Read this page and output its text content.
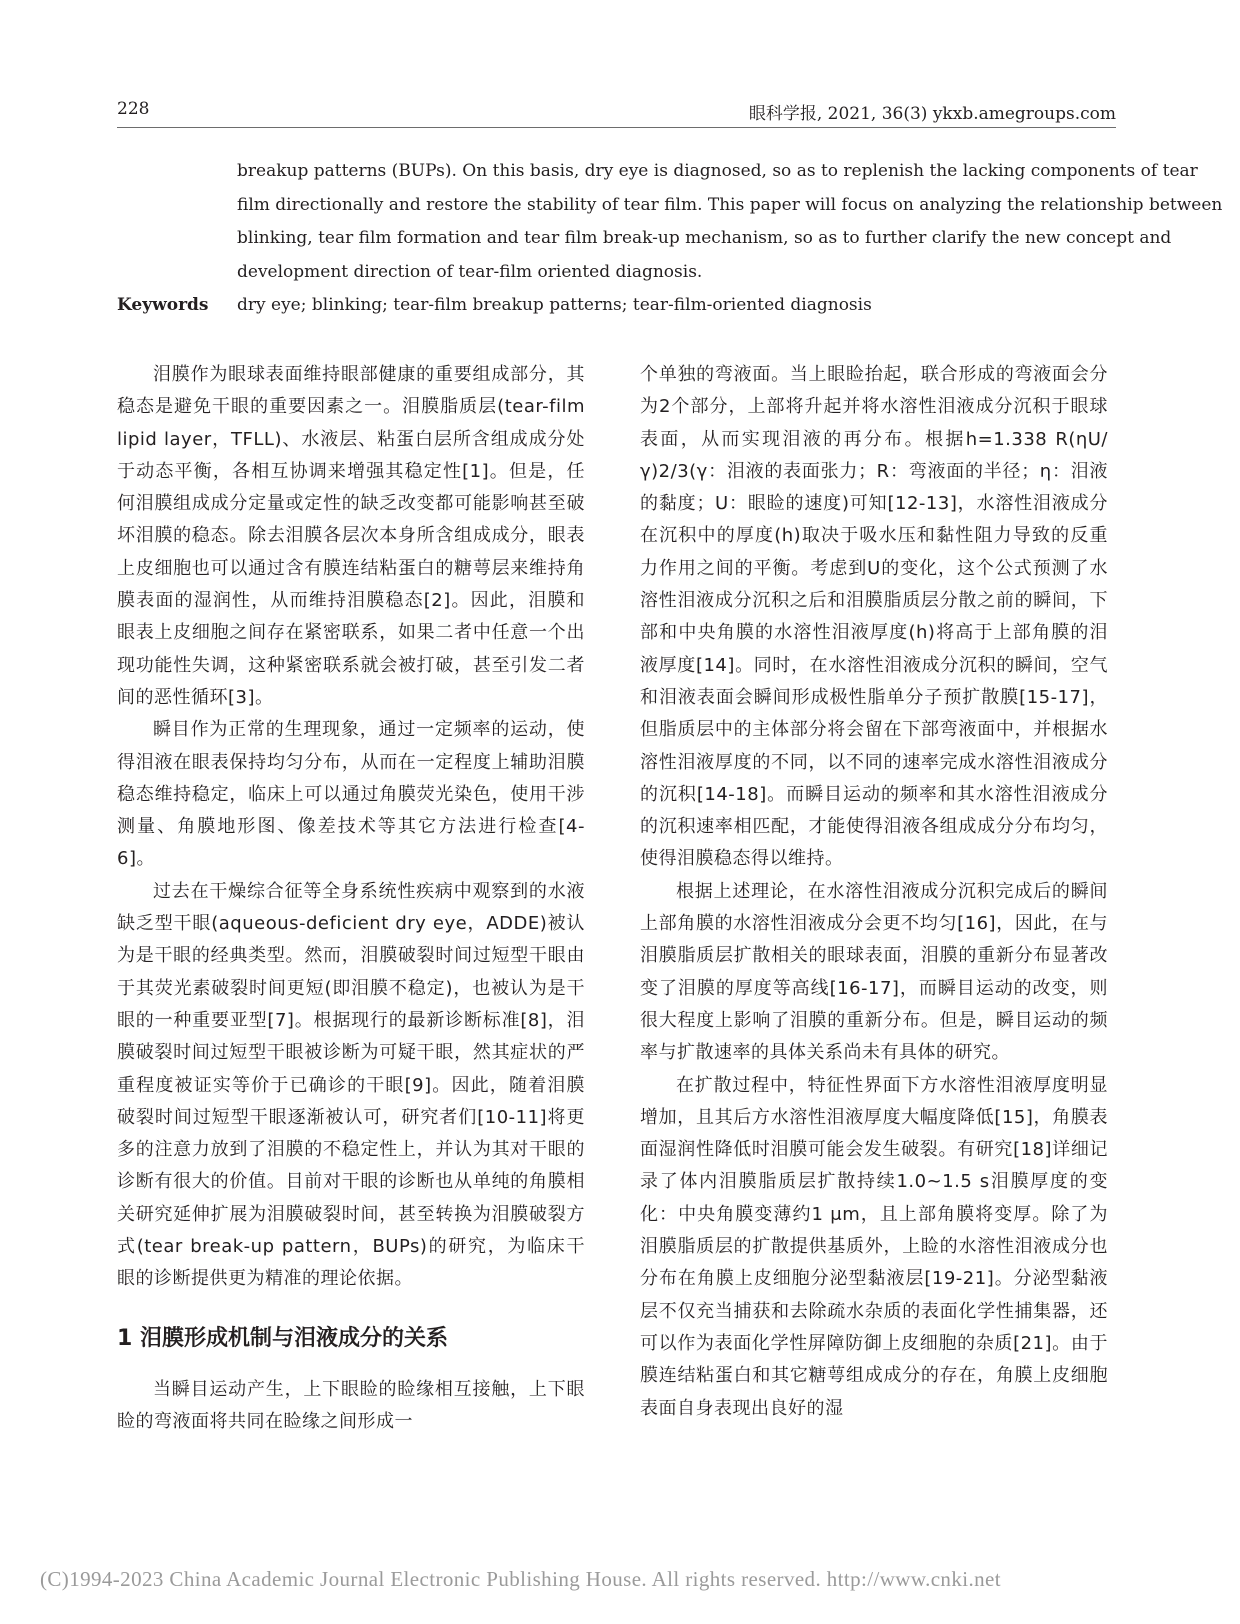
228	眼科学报, 2021, 36(3) ykxb.amegroups.com
breakup patterns (BUPs). On this basis, dry eye is diagnosed, so as to replenish the lacking components of tear
film directionally and restore the stability of tear film. This paper will focus on analyzing the relationship between
blinking, tear film formation and tear film break-up mechanism, so as to further clarify the new concept and
development direction of tear-film oriented diagnosis.
Keywords dry eye; blinking; tear-film breakup patterns; tear-film-oriented diagnosis

泪膜作为眼球表面维持眼部健康的重要组成部分，其稳态是避免干眼的重要因素之一。泪膜脂质层(tear-film lipid layer，TFLL)、水液层、粘蛋白层所含组成成分处于动态平衡，各相互协调来增强其稳定性[1]。但是，任何泪膜组成成分定量或定性的缺乏改变都可能影响甚至破坏泪膜的稳态。除去泪膜各层次本身所含组成成分，眼表上皮细胞也可以通过含有膜连结粘蛋白的糖萼层来维持角膜表面的湿润性，从而维持泪膜稳态[2]。因此，泪膜和眼表上皮细胞之间存在紧密联系，如果二者中任意一个出现功能性失调，这种紧密联系就会被打破，甚至引发二者间的恶性循环[3]。

瞬目作为正常的生理现象，通过一定频率的运动，使得泪液在眼表保持均匀分布，从而在一定程度上辅助泪膜稳态维持稳定，临床上可以通过角膜荧光染色，使用干涉测量、角膜地形图、像差技术等其它方法进行检查[4-6]。

过去在干燥综合征等全身系统性疾病中观察到的水液缺乏型干眼(aqueous-deficient dry eye，ADDE)被认为是干眼的经典类型。然而，泪膜破裂时间过短型干眼由于其荧光素破裂时间更短(即泪膜不稳定)，也被认为是干眼的一种重要亚型[7]。根据现行的最新诊断标准[8]，泪膜破裂时间过短型干眼被诊断为可疑干眼，然其症状的严重程度被证实等价于已确诊的干眼[9]。因此，随着泪膜破裂时间过短型干眼逐渐被认可，研究者们[10-11]将更多的注意力放到了泪膜的不稳定性上，并认为其对干眼的诊断有很大的价值。目前对干眼的诊断也从单纯的角膜相关研究延伸扩展为泪膜破裂时间，甚至转换为泪膜破裂方式(tear break-up pattern，BUPs)的研究，为临床干眼的诊断提供更为精准的理论依据。

1 泪膜形成机制与泪液成分的关系

当瞬目运动产生，上下眼睑的睑缘相互接触，上下眼睑的弯液面将共同在睑缘之间形成一

个单独的弯液面。当上眼睑抬起，联合形成的弯液面会分为2个部分，上部将升起并将水溶性泪液成分沉积于眼球表面，从而实现泪液的再分布。根据h=1.338 R(ηU/γ)2/3(γ：泪液的表面张力；R：弯液面的半径；η：泪液的黏度；U：眼睑的速度)可知[12-13]，水溶性泪液成分在沉积中的厚度(h)取决于吸水压和黏性阻力导致的反重力作用之间的平衡。考虑到U的变化，这个公式预测了水溶性泪液成分沉积之后和泪膜脂质层分散之前的瞬间，下部和中央角膜的水溶性泪液厚度(h)将高于上部角膜的泪液厚度[14]。同时，在水溶性泪液成分沉积的瞬间，空气和泪液表面会瞬间形成极性脂单分子预扩散膜[15-17]，但脂质层中的主体部分将会留在下部弯液面中，并根据水溶性泪液厚度的不同，以不同的速率完成水溶性泪液成分的沉积[14-18]。而瞬目运动的频率和其水溶性泪液成分的沉积速率相匹配，才能使得泪液各组成成分分布均匀，使得泪膜稳态得以维持。

根据上述理论，在水溶性泪液成分沉积完成后的瞬间上部角膜的水溶性泪液成分会更不均匀[16]，因此，在与泪膜脂质层扩散相关的眼球表面，泪膜的重新分布显著改变了泪膜的厚度等高线[16-17]，而瞬目运动的改变，则很大程度上影响了泪膜的重新分布。但是，瞬目运动的频率与扩散速率的具体关系尚未有具体的研究。

在扩散过程中，特征性界面下方水溶性泪液厚度明显增加，且其后方水溶性泪液厚度大幅度降低[15]，角膜表面湿润性降低时泪膜可能会发生破裂。有研究[18]详细记录了体内泪膜脂质层扩散持续1.0~1.5 s泪膜厚度的变化：中央角膜变薄约1 μm，且上部角膜将变厚。除了为泪膜脂质层的扩散提供基质外，上睑的水溶性泪液成分也分布在角膜上皮细胞分泌型黏液层[19-21]。分泌型黏液层不仅充当捕获和去除疏水杂质的表面化学性捕集器，还可以作为表面化学性屏障防御上皮细胞的杂质[21]。由于膜连结粘蛋白和其它糖萼组成成分的存在，角膜上皮细胞表面自身表现出良好的湿

(C)1994-2023 China Academic Journal Electronic Publishing House. All rights reserved. http://www.cnki.net
